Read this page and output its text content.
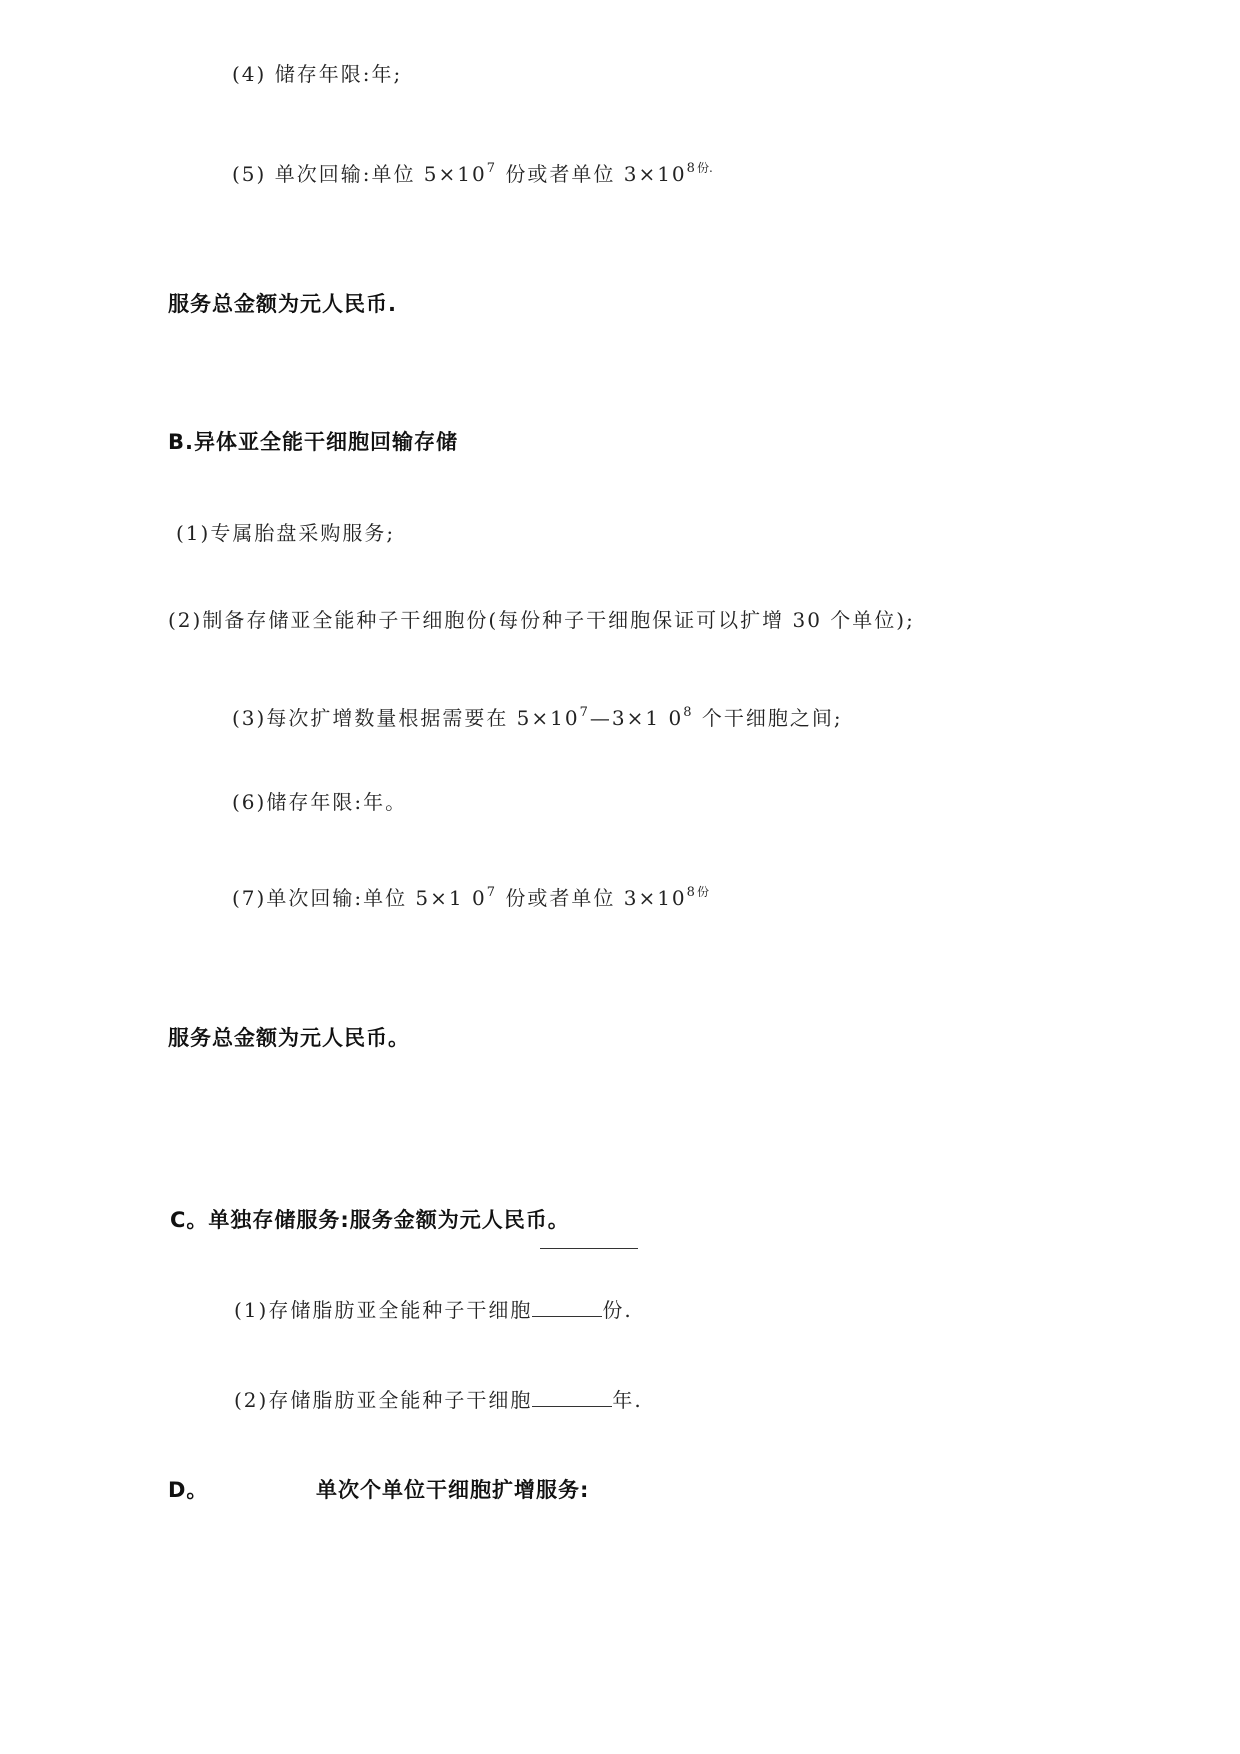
(4) 储存年限:年;
(5) 单次回输:单位 $5\times 10^7$ 份或者单位 $3\times 10^{8份.}$
服务总金额为元人民币.
B.异体亚全能干细胞回输存储
(1)专属胎盘采购服务;
(2)制备存储亚全能种子干细胞份(每份种子干细胞保证可以扩增 30 个单位);
(3)每次扩增数量根据需要在 $5\times 10^7—3\times 1$ $0^8$ 个干细胞之间;
(6)储存年限:年。
(7)单次回输:单位 5×1 $0^7$ 份或者单位 $3\times 10^{8份}$
服务总金额为元人民币。
C。单独存储服务:服务金额为元人民币。
(1)存储脂肪亚全能种子干细胞	份.
(2)存储脂肪亚全能种子干细胞	年.
D。	单次个单位干细胞扩增服务:
